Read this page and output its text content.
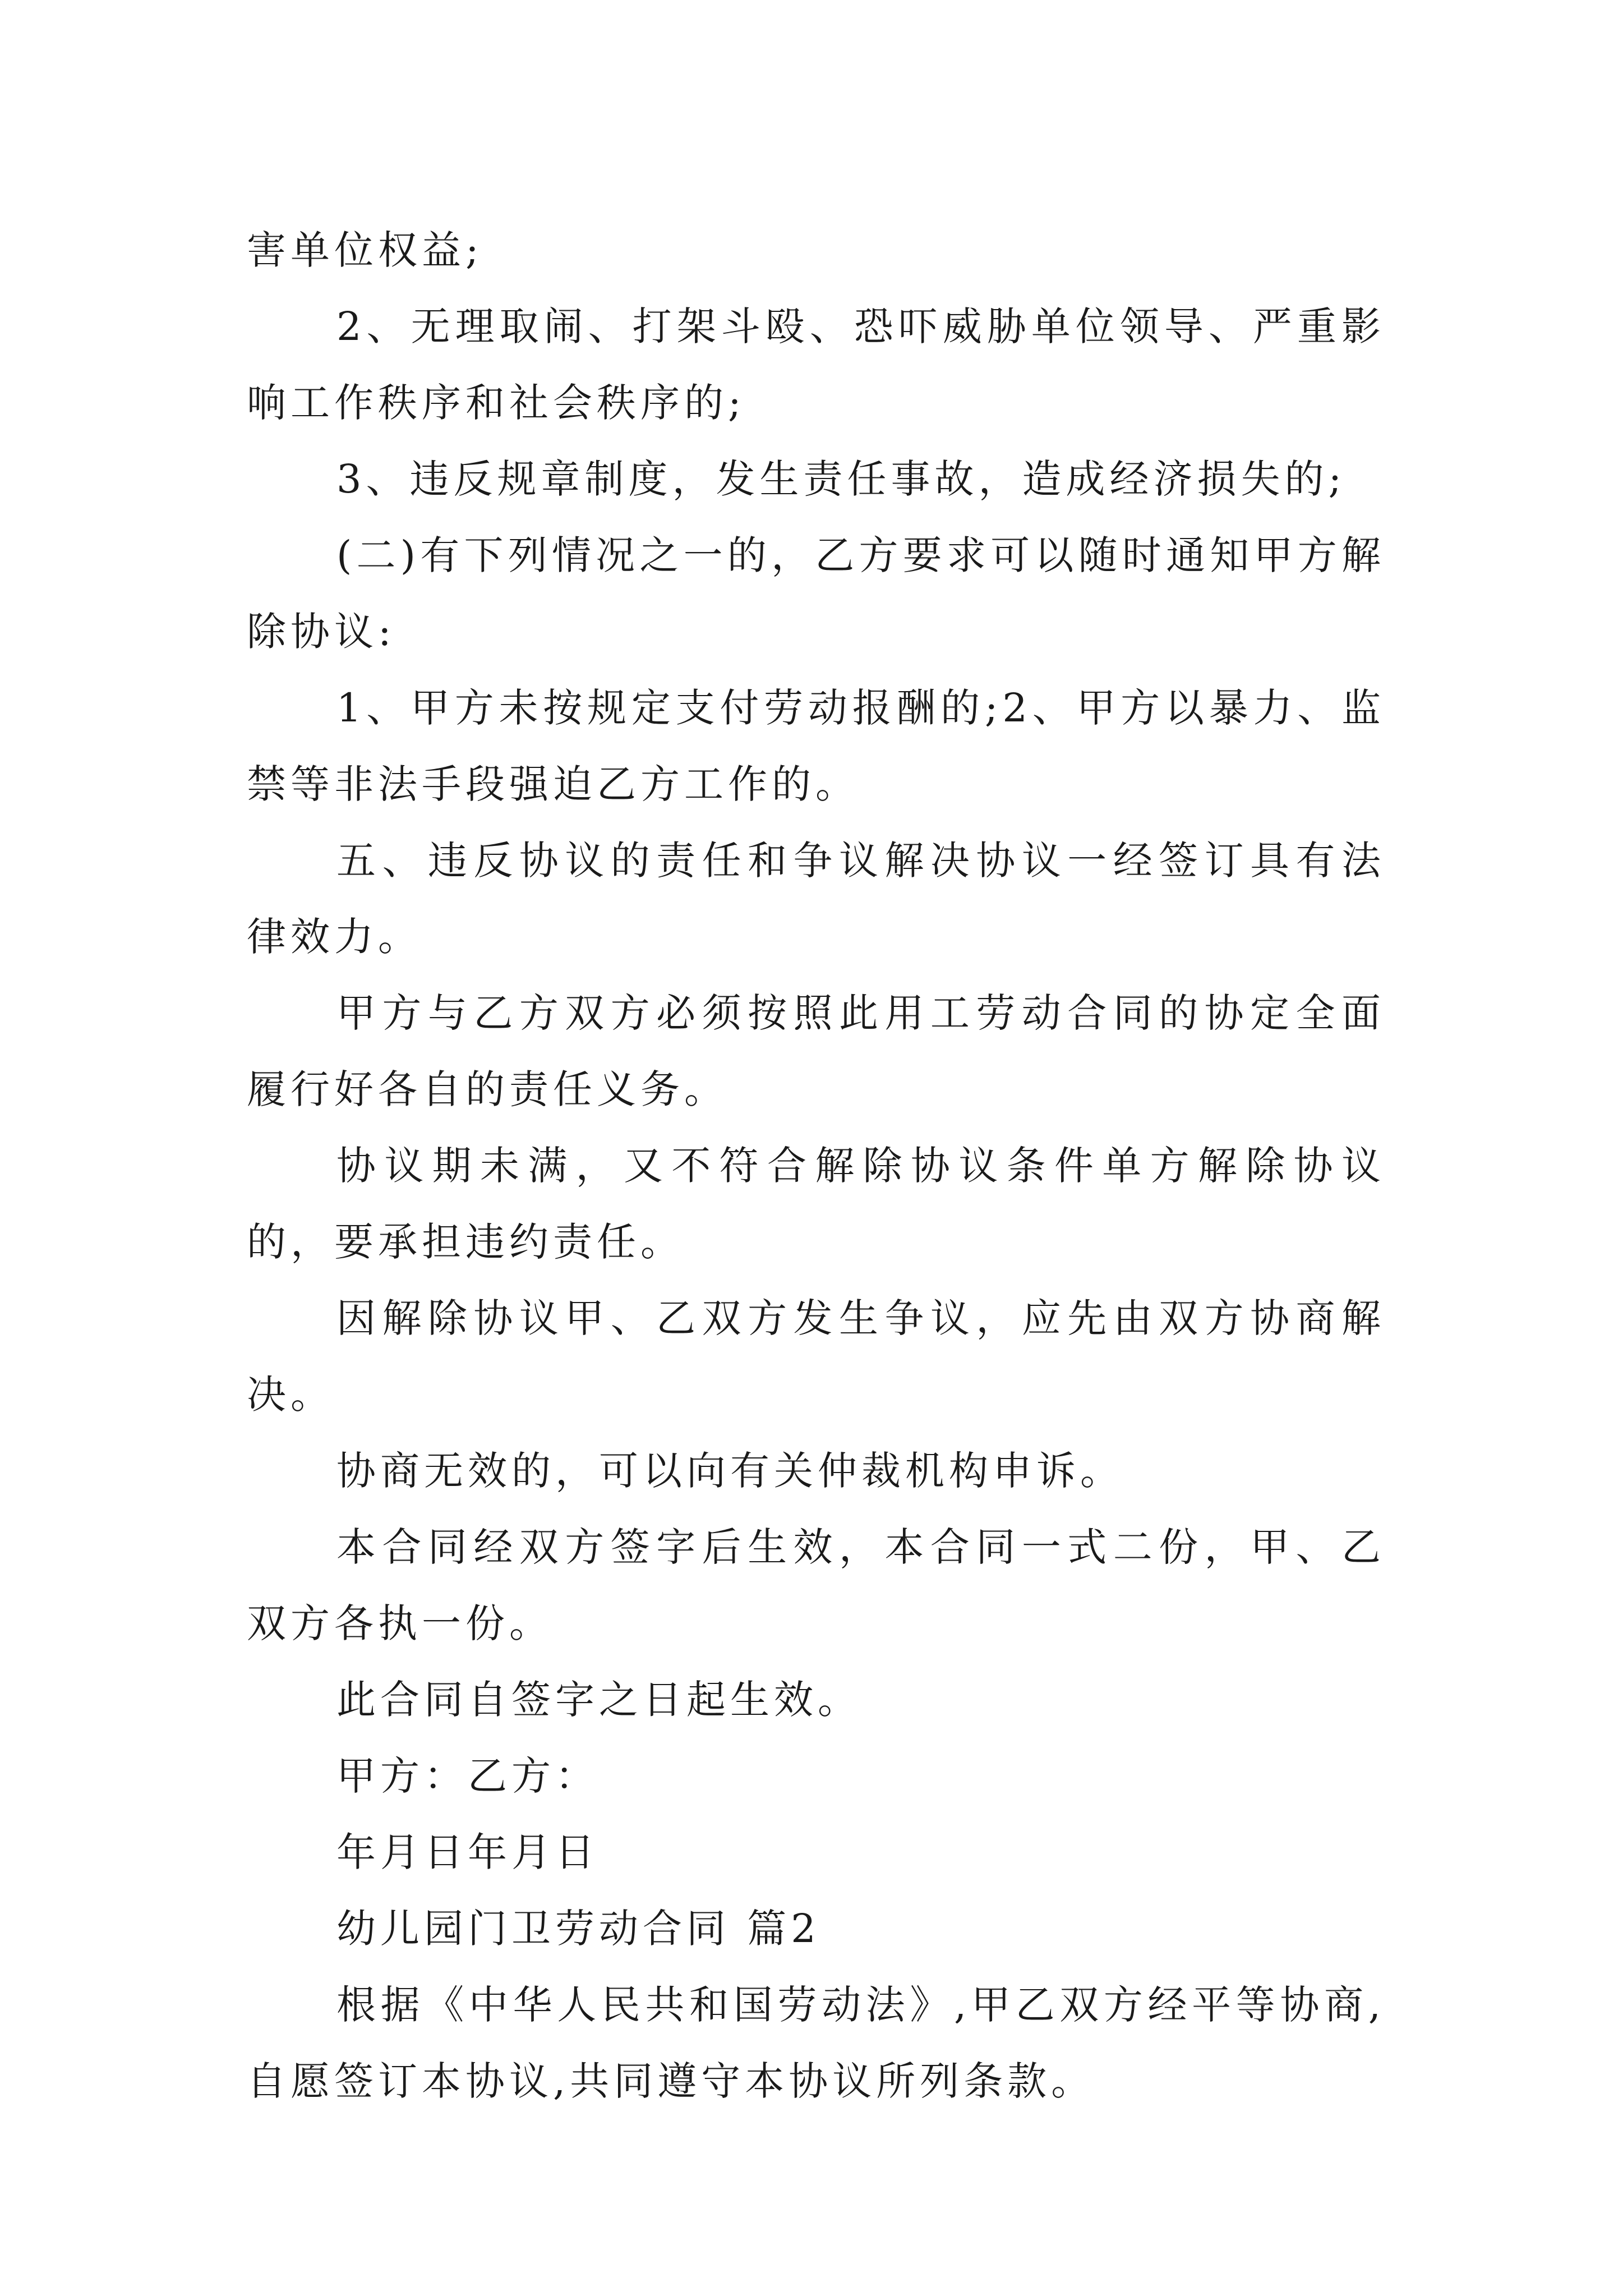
害单位权益;

2、无理取闹、打架斗殴、恐吓威胁单位领导、严重影响工作秩序和社会秩序的;

3、违反规章制度，发生责任事故，造成经济损失的;

(二)有下列情况之一的，乙方要求可以随时通知甲方解除协议:

1、甲方未按规定支付劳动报酬的;2、甲方以暴力、监禁等非法手段强迫乙方工作的。

五、违反协议的责任和争议解决协议一经签订具有法律效力。

甲方与乙方双方必须按照此用工劳动合同的协定全面履行好各自的责任义务。

协议期未满，又不符合解除协议条件单方解除协议的，要承担违约责任。

因解除协议甲、乙双方发生争议，应先由双方协商解决。

协商无效的，可以向有关仲裁机构申诉。

本合同经双方签字后生效，本合同一式二份，甲、乙双方各执一份。

此合同自签字之日起生效。

甲方：乙方：

年月日年月日

幼儿园门卫劳动合同 篇2

根据《中华人民共和国劳动法》,甲乙双方经平等协商,自愿签订本协议,共同遵守本协议所列条款。
